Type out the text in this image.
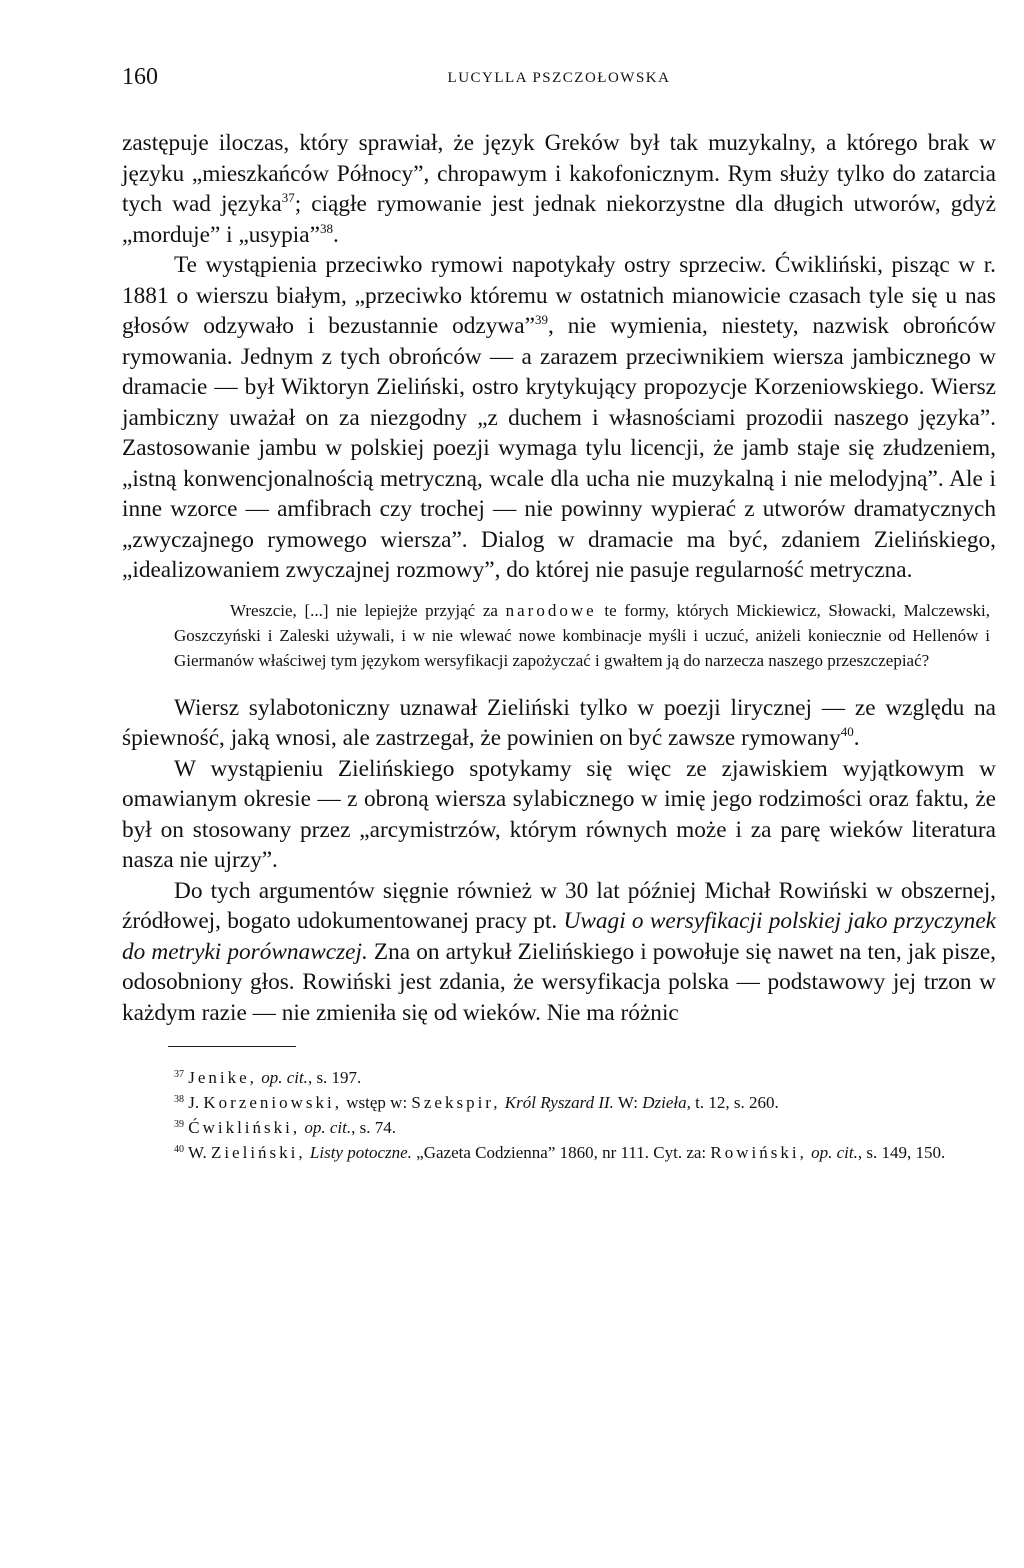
160	LUCYLLA PSZCZOŁOWSKA

zastępuje iloczas, który sprawiał, że język Greków był tak muzykalny, a którego brak w języku „mieszkańców Północy”, chropawym i kakofonicznym. Rym służy tylko do zatarcia tych wad języka$^{37}$; ciągłe rymowanie jest jednak niekorzystne dla długich utworów, gdyż „morduje” i „usypia”$^{38}$.

Te wystąpienia przeciwko rymowi napotykały ostry sprzeciw. Ćwikliński, pisząc w r. 1881 o wierszu białym, „przeciwko któremu w ostatnich mianowicie czasach tyle się u nas głosów odzywało i bezustannie odzywa”$^{39}$, nie wymienia, niestety, nazwisk obrońców rymowania. Jednym z tych obrońców — a zarazem przeciwnikiem wiersza jambicznego w dramacie — był Wiktoryn Zieliński, ostro krytykujący propozycje Korzeniowskiego. Wiersz jambiczny uważał on za niezgodny „z duchem i własnościami prozodii naszego języka”. Zastosowanie jambu w polskiej poezji wymaga tylu licencji, że jamb staje się złudzeniem, „istną konwencjonalnością metryczną, wcale dla ucha nie muzykalną i nie melodyjną”. Ale i inne wzorce — amfibrach czy trochej — nie powinny wypierać z utworów dramatycznych „zwyczajnego rymowego wiersza”. Dialog w dramacie ma być, zdaniem Zielińskiego, „idealizowaniem zwyczajnej rozmowy”, do której nie pasuje regularność metryczna.

Wreszcie, [...] nie lepiejże przyjąć za narodowe te formy, których Mickiewicz, Słowacki, Malczewski, Goszczyński i Zaleski używali, i w nie wlewać nowe kombinacje myśli i uczuć, aniżeli koniecznie od Hellenów i Giermanów właściwej tym językom wersyfikacji zapożyczać i gwałtem ją do narzecza naszego przeszczepiać?

Wiersz sylabotoniczny uznawał Zieliński tylko w poezji lirycznej — ze względu na śpiewność, jaką wnosi, ale zastrzegał, że powinien on być zawsze rymowany$^{40}$.

W wystąpieniu Zielińskiego spotykamy się więc ze zjawiskiem wyjątkowym w omawianym okresie — z obroną wiersza sylabicznego w imię jego rodzimości oraz faktu, że był on stosowany przez „arcymistrzów, którym równych może i za parę wieków literatura nasza nie ujrzy”.

Do tych argumentów sięgnie również w 30 lat później Michał Rowiński w obszernej, źródłowej, bogato udokumentowanej pracy pt. Uwagi o wersyfikacji polskiej jako przyczynek do metryki porównawczej. Zna on artykuł Zielińskiego i powołuje się nawet na ten, jak pisze, odosobniony głos. Rowiński jest zdania, że wersyfikacja polska — podstawowy jej trzon w każdym razie — nie zmieniła się od wieków. Nie ma różnic

$^{37}$ Jenike, op. cit., s. 197.

$^{38}$ J. Korzeniowski, wstęp w: Szekspir, Król Ryszard II. W: Dzieła, t. 12, s. 260.

$^{39}$ Ćwikliński, op. cit., s. 74.

$^{40}$ W. Zieliński, Listy potoczne. „Gazeta Codzienna” 1860, nr 111. Cyt. za: Rowiński, op. cit., s. 149, 150.
